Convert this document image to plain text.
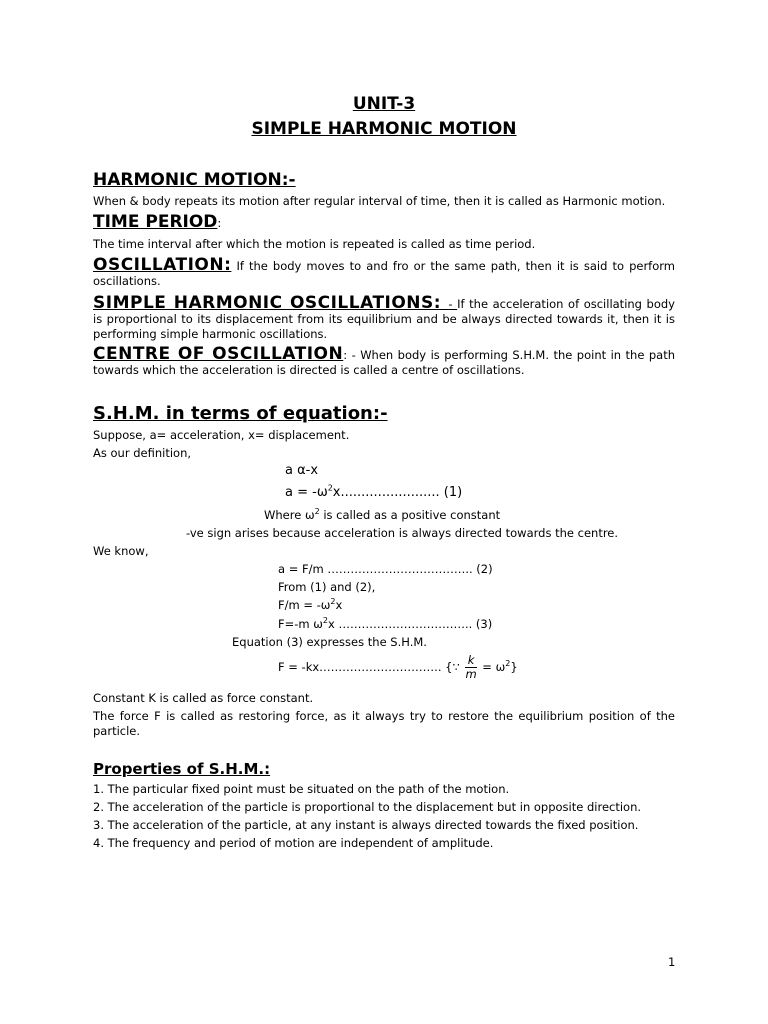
UNIT-3
SIMPLE HARMONIC MOTION
HARMONIC MOTION:-
When & body repeats its motion after regular interval of time, then it is called as Harmonic motion.
TIME PERIOD:
The time interval after which the motion is repeated is called as time period.
OSCILLATION: If the body moves to and fro or the same path, then it is said to perform oscillations.
SIMPLE HARMONIC OSCILLATIONS: - If the acceleration of oscillating body is proportional to its displacement from its equilibrium and be always directed towards it, then it is performing simple harmonic oscillations.
CENTRE OF OSCILLATION: - When body is performing S.H.M. the point in the path towards which the acceleration is directed is called a centre of oscillations.
S.H.M. in terms of equation:-
Suppose, a= acceleration, x= displacement.
As our definition,
a α-x
$a = -\omega^2x$........................ (1)
Where $\omega^2$ is called as a positive constant
-ve sign arises because acceleration is always directed towards the centre.
We know,
a = F/m ……………………………….. (2)
From (1) and (2),
$F/m = -\omega^2x$
F=-m $\omega^2x$ …………………………….. (3)
Equation (3) expresses the S.H.M.
F = -kx………………………….. {∵ $\frac{k}{m} = \omega^2$}
Constant K is called as force constant.
The force F is called as restoring force, as it always try to restore the equilibrium position of the particle.
Properties of S.H.M.:
1. The particular fixed point must be situated on the path of the motion.
2. The acceleration of the particle is proportional to the displacement but in opposite direction.
3. The acceleration of the particle, at any instant is always directed towards the fixed position.
4. The frequency and period of motion are independent of amplitude.
1
